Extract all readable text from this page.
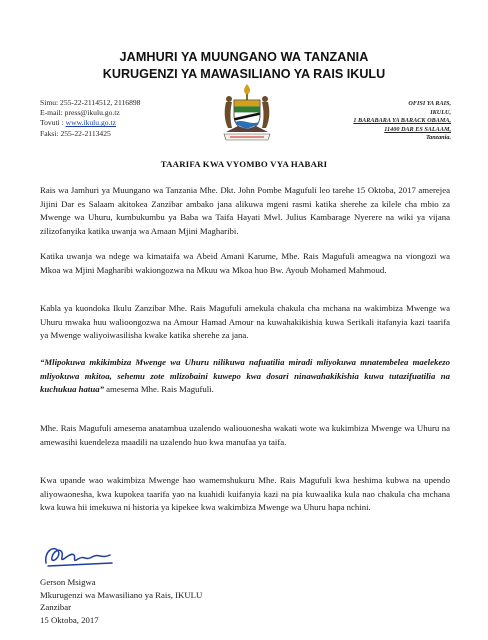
JAMHURI YA MUUNGANO WA TANZANIA
KURUGENZI YA MAWASILIANO YA RAIS IKULU
Simu: 255-22-2114512, 2116898
E-mail: press@ikulu.go.tz
Tovuti : www.ikulu.go.tz
Faksi: 255-22-2113425
OFISI YA RAIS,
IKULU,
1 BARABARA YA BARACK OBAMA,
11400 DAR ES SALAAM,
Tanzania.
TAARIFA KWA VYOMBO VYA HABARI

Rais wa Jamhuri ya Muungano wa Tanzania Mhe. Dkt. John Pombe Magufuli leo tarehe 15 Oktoba, 2017 amerejea Jijini Dar es Salaam akitokea Zanzibar ambako jana alikuwa mgeni rasmi katika sherehe za kilele cha mbio za Mwenge wa Uhuru, kumbukumbu ya Baba wa Taifa Hayati Mwl. Julius Kambarage Nyerere na wiki ya vijana zilizofanyika katika uwanja wa Amaan Mjini Magharibi.

Katika uwanja wa ndege wa kimataifa wa Abeid Amani Karume, Mhe. Rais Magufuli ameagwa na viongozi wa Mkoa wa Mjini Magharibi wakiongozwa na Mkuu wa Mkoa huo Bw. Ayoub Mohamed Mahmoud.

Kabla ya kuondoka Ikulu Zanzibar Mhe. Rais Magufuli amekula chakula cha mchana na wakimbiza Mwenge wa Uhuru mwaka huu walioongozwa na Amour Hamad Amour na kuwahakikishia kuwa Serikali itafanyia kazi taarifa ya Mwenge waliyoiwasilisha kwake katika sherehe za jana.

“Mlipokuwa mkikimbiza Mwenge wa Uhuru nilikuwa nafuatilia miradi mliyokuwa mnatembelea maelekezo mliyokuwa mkitoa, sehemu zote mlizobaini kuwepo kwa dosari ninawahakikishia kuwa tutazifuatilia na kuchukua hatua” amesema Mhe. Rais Magufuli.

Mhe. Rais Magufuli amesema anatambua uzalendo waliouonesha wakati wote wa kukimbiza Mwenge wa Uhuru na amewasihi kuendeleza maadili na uzalendo huo kwa manufaa ya taifa.

Kwa upande wao wakimbiza Mwenge hao wamemshukuru Mhe. Rais Magufuli kwa heshima kubwa na upendo aliyowaonesha, kwa kupokea taarifa yao na kuahidi kuifanyia kazi na pia kuwaalika kula nao chakula cha mchana kwa kuwa hii imekuwa ni historia ya kipekee kwa wakimbiza Mwenge wa Uhuru hapa nchini.

Gerson Msigwa
Mkurugenzi wa Mawasiliano ya Rais, IKULU
Zanzibar
15 Oktoba, 2017
